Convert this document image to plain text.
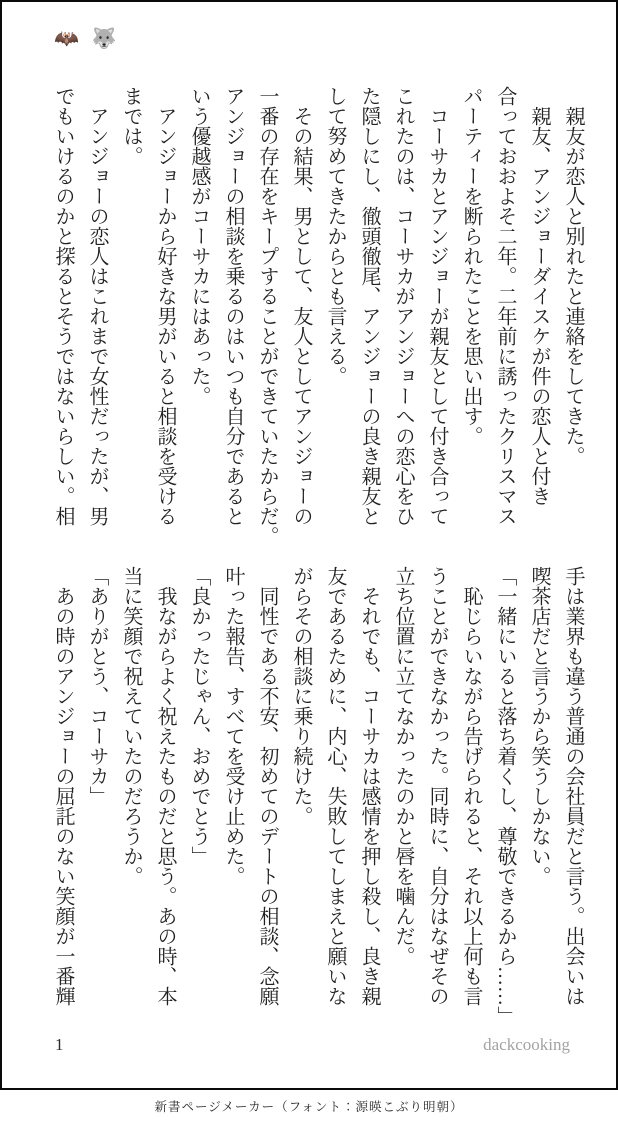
🦇 🐺
　親友が恋人と別れたと連絡をしてきた。
　親友、アンジョーダイスケが件の恋人と付き
合っておおよそ二年。二年前に誘ったクリスマス
パーティーを断られたことを思い出す。
　コーサカとアンジョーが親友として付き合って
これたのは、コーサカがアンジョーへの恋心をひ
た隠しにし、徹頭徹尾、アンジョーの良き親友と
して努めてきたからとも言える。
　その結果、男として、友人としてアンジョーの
一番の存在をキープすることができていたからだ。
アンジョーの相談を乗るのはいつも自分であると
いう優越感がコーサカにはあった。
　アンジョーから好きな男がいると相談を受ける
までは。
　アンジョーの恋人はこれまで女性だったが、男
でもいけるのかと探るとそうではないらしい。相
手は業界も違う普通の会社員だと言う。出会いは
喫茶店だと言うから笑うしかない。
「一緒にいると落ち着くし、尊敬できるから……」
　恥じらいながら告げられると、それ以上何も言
うことができなかった。同時に、自分はなぜその
立ち位置に立てなかったのかと唇を噛んだ。
　それでも、コーサカは感情を押し殺し、良き親
友であるために、内心、失敗してしまえと願いな
がらその相談に乗り続けた。
　同性である不安、初めてのデートの相談、念願
叶った報告、すべてを受け止めた。
「良かったじゃん、おめでとう」
　我ながらよく祝えたものだと思う。あの時、本
当に笑顔で祝えていたのだろうか。
「ありがとう、コーサカ」
　あの時のアンジョーの屈託のない笑顔が一番輝
1	dackcooking
新書ページメーカー（フォント：源暎こぶり明朝）
